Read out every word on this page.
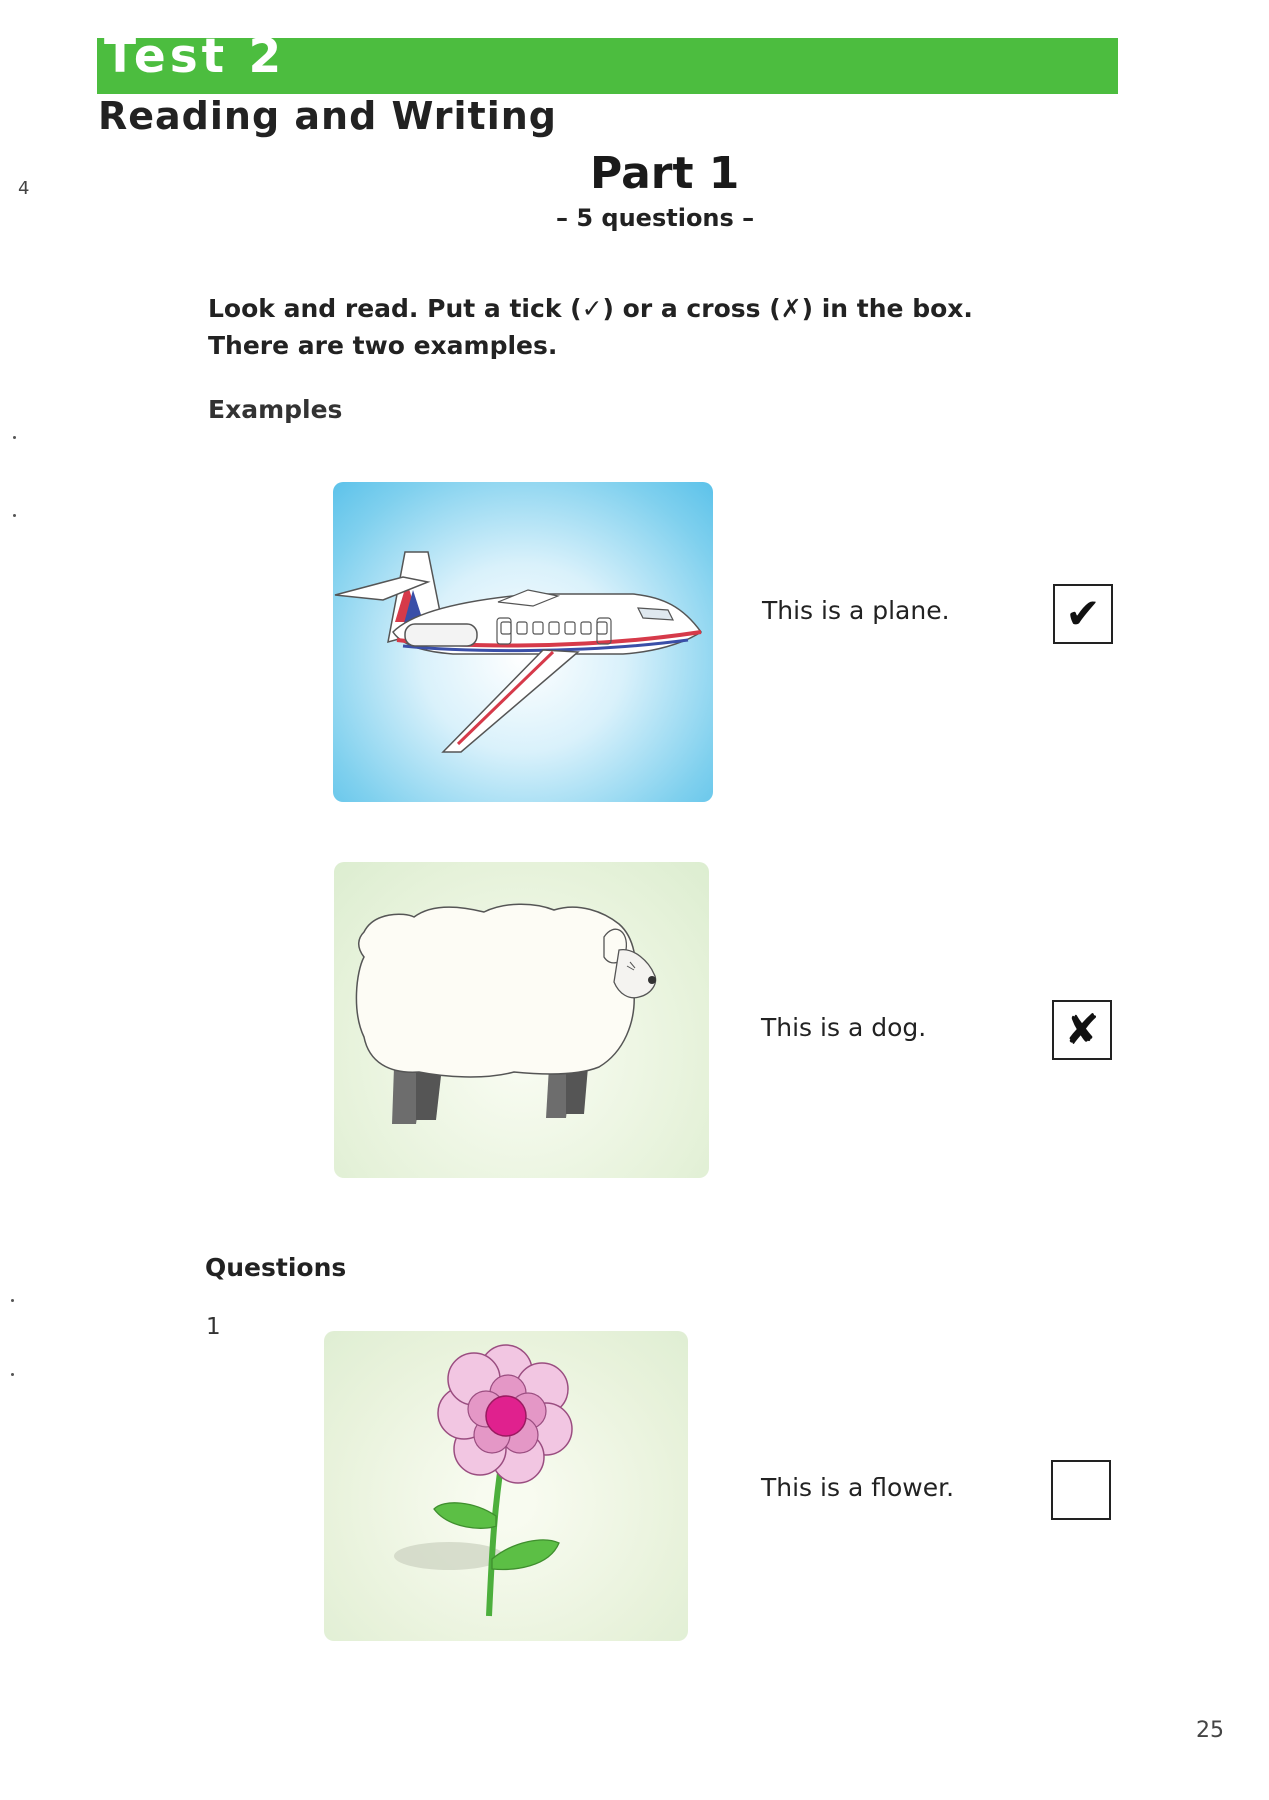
Test 2
Reading and Writing
4	Part 1
– 5 questions –
Look and read. Put a tick (✓) or a cross (✗) in the box.
There are two examples.
Examples
This is a plane.	✔
This is a dog.	✘
Questions
1
This is a flower.
25
